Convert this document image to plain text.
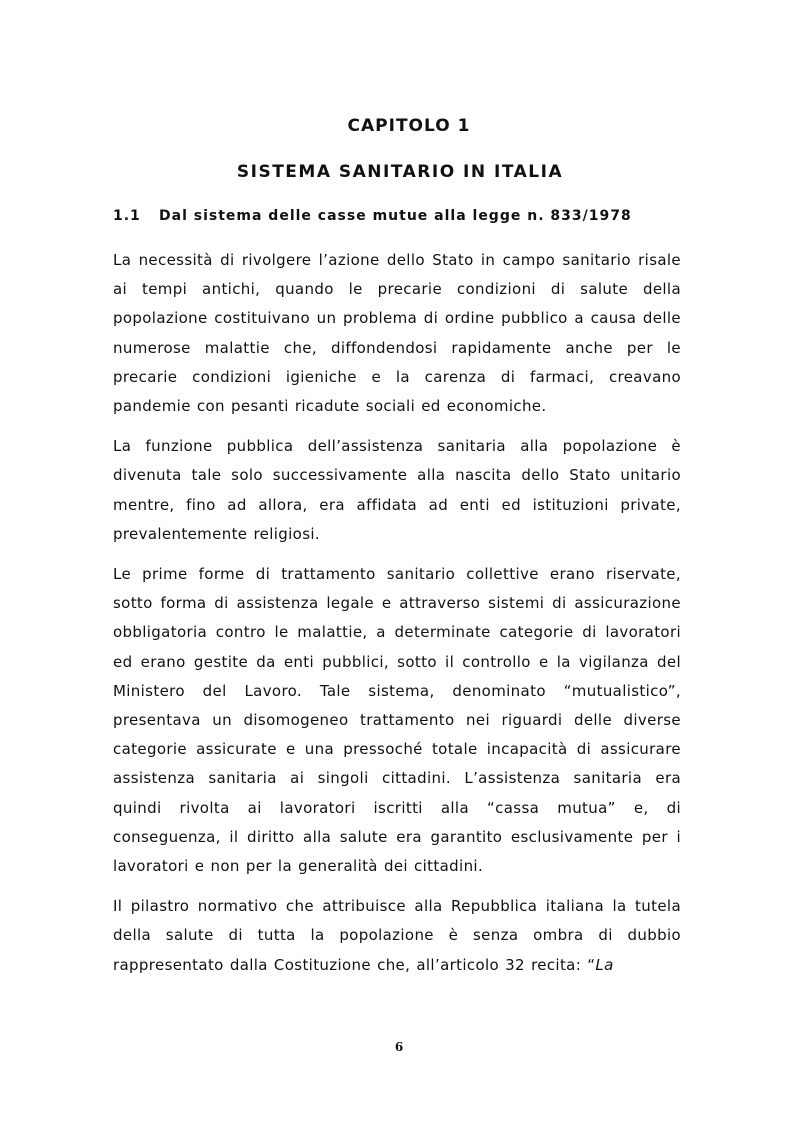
CAPITOLO 1
SISTEMA SANITARIO IN ITALIA
1.1 Dal sistema delle casse mutue alla legge n. 833/1978

La necessità di rivolgere l’azione dello Stato in campo sanitario risale ai tempi antichi, quando le precarie condizioni di salute della popolazione costituivano un problema di ordine pubblico a causa delle numerose malattie che, diffondendosi rapidamente anche per le precarie condizioni igieniche e la carenza di farmaci, creavano pandemie con pesanti ricadute sociali ed economiche.

La funzione pubblica dell’assistenza sanitaria alla popolazione è divenuta tale solo successivamente alla nascita dello Stato unitario mentre, fino ad allora, era affidata ad enti ed istituzioni private, prevalentemente religiosi.

Le prime forme di trattamento sanitario collettive erano riservate, sotto forma di assistenza legale e attraverso sistemi di assicurazione obbligatoria contro le malattie, a determinate categorie di lavoratori ed erano gestite da enti pubblici, sotto il controllo e la vigilanza del Ministero del Lavoro. Tale sistema, denominato “mutualistico”, presentava un disomogeneo trattamento nei riguardi delle diverse categorie assicurate e una pressoché totale incapacità di assicurare assistenza sanitaria ai singoli cittadini. L’assistenza sanitaria era quindi rivolta ai lavoratori iscritti alla “cassa mutua” e, di conseguenza, il diritto alla salute era garantito esclusivamente per i lavoratori e non per la generalità dei cittadini.

Il pilastro normativo che attribuisce alla Repubblica italiana la tutela della salute di tutta la popolazione è senza ombra di dubbio rappresentato dalla Costituzione che, all’articolo 32 recita: “La

6
